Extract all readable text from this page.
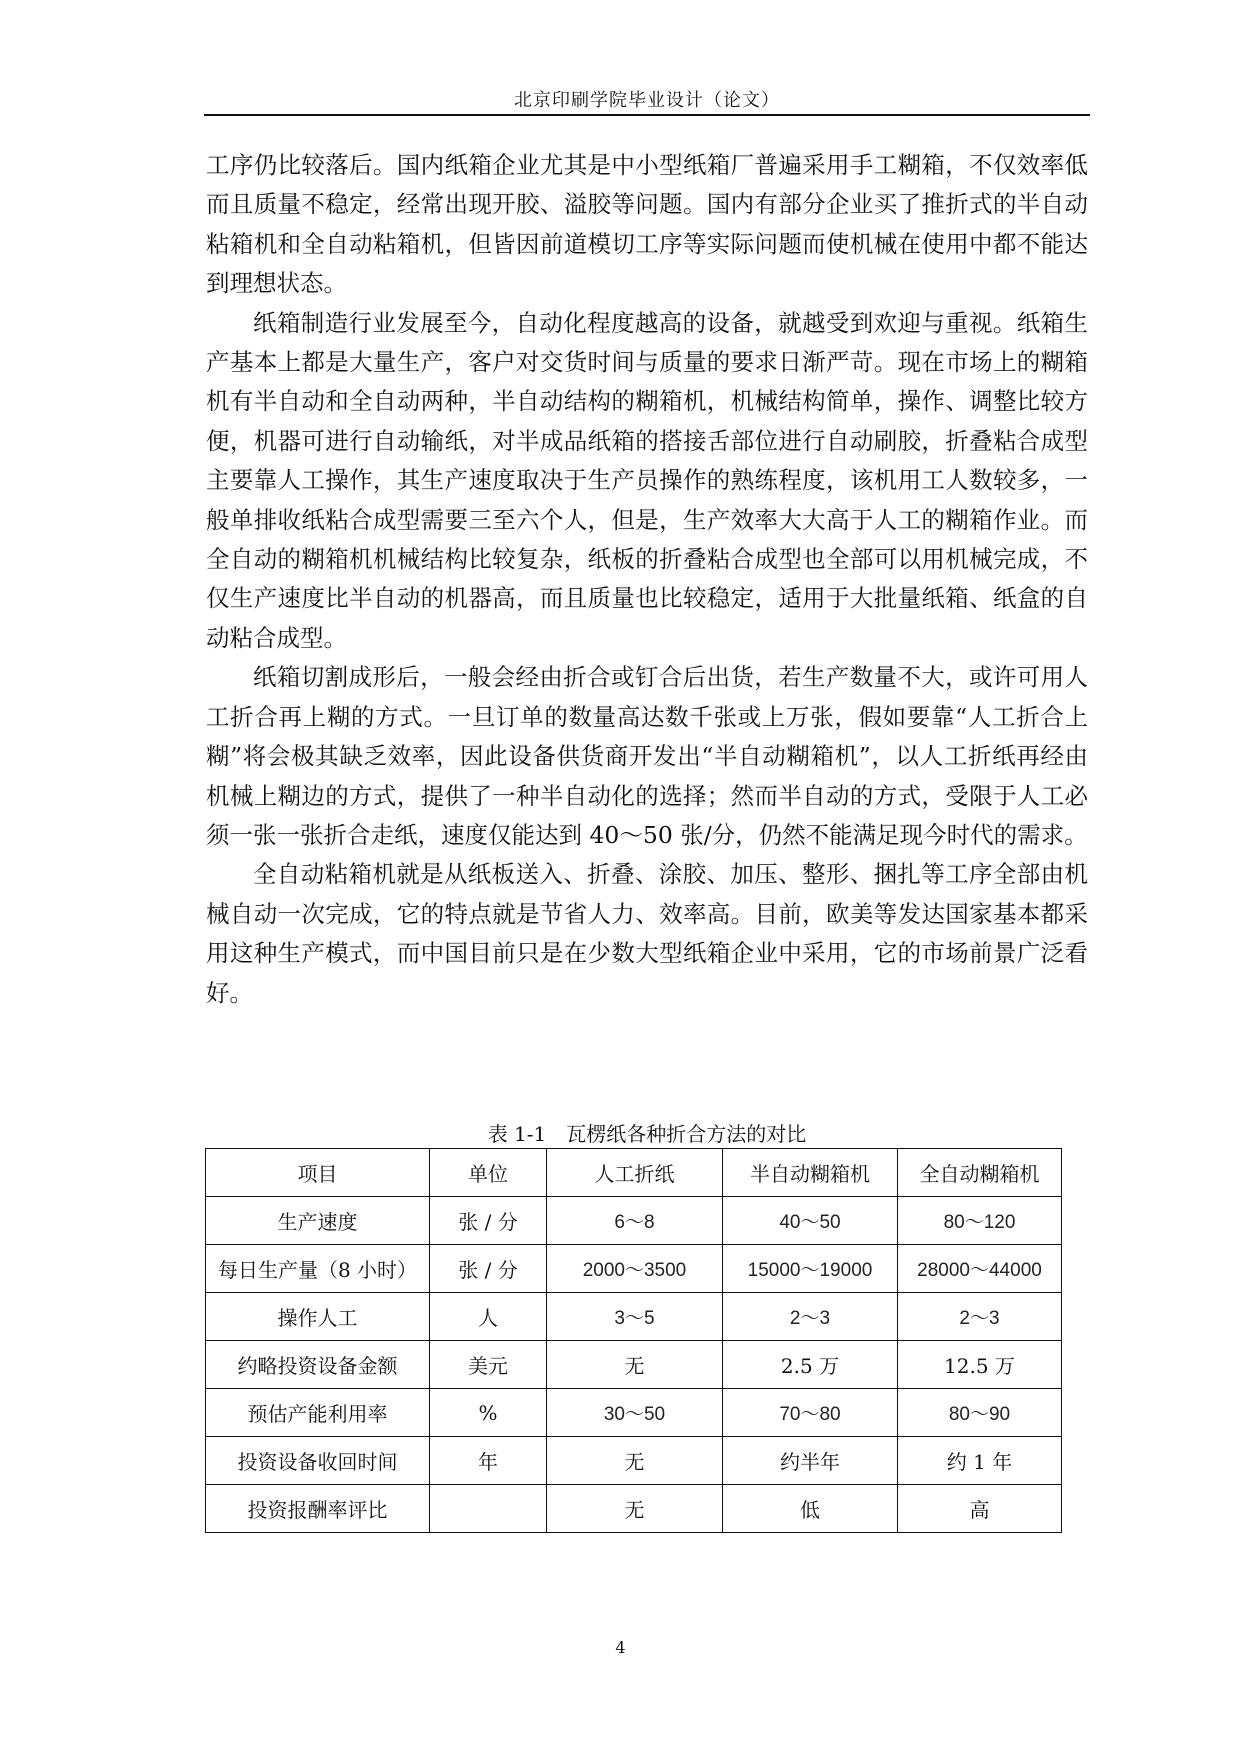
北京印刷学院毕业设计（论文）

工序仍比较落后。国内纸箱企业尤其是中小型纸箱厂普遍采用手工糊箱，不仅效率低而且质量不稳定，经常出现开胶、溢胶等问题。国内有部分企业买了推折式的半自动粘箱机和全自动粘箱机，但皆因前道模切工序等实际问题而使机械在使用中都不能达到理想状态。

纸箱制造行业发展至今，自动化程度越高的设备，就越受到欢迎与重视。纸箱生产基本上都是大量生产，客户对交货时间与质量的要求日渐严苛。现在市场上的糊箱机有半自动和全自动两种，半自动结构的糊箱机，机械结构简单，操作、调整比较方便，机器可进行自动输纸，对半成品纸箱的搭接舌部位进行自动刷胶，折叠粘合成型主要靠人工操作，其生产速度取决于生产员操作的熟练程度，该机用工人数较多，一般单排收纸粘合成型需要三至六个人，但是，生产效率大大高于人工的糊箱作业。而全自动的糊箱机机械结构比较复杂，纸板的折叠粘合成型也全部可以用机械完成，不仅生产速度比半自动的机器高，而且质量也比较稳定，适用于大批量纸箱、纸盒的自动粘合成型。

纸箱切割成形后，一般会经由折合或钉合后出货，若生产数量不大，或许可用人工折合再上糊的方式。一旦订单的数量高达数千张或上万张，假如要靠“人工折合上糊”将会极其缺乏效率，因此设备供货商开发出“半自动糊箱机”，以人工折纸再经由机械上糊边的方式，提供了一种半自动化的选择；然而半自动的方式，受限于人工必须一张一张折合走纸，速度仅能达到 40～50 张/分，仍然不能满足现今时代的需求。

全自动粘箱机就是从纸板送入、折叠、涂胶、加压、整形、捆扎等工序全部由机械自动一次完成，它的特点就是节省人力、效率高。目前，欧美等发达国家基本都采用这种生产模式，而中国目前只是在少数大型纸箱企业中采用，它的市场前景广泛看好。

表 1-1　瓦楞纸各种折合方法的对比
项目	单位	人工折纸	半自动糊箱机	全自动糊箱机
生产速度	张 / 分	6～8	40～50	80～120
每日生产量（8 小时）	张 / 分	2000～3500	15000～19000	28000～44000
操作人工	人	3～5	2～3	2～3
约略投资设备金额	美元	无	2.5 万	12.5 万
预估产能利用率	%	30～50	70～80	80～90
投资设备收回时间	年	无	约半年	约 1 年
投资报酬率评比		无	低	高
4
